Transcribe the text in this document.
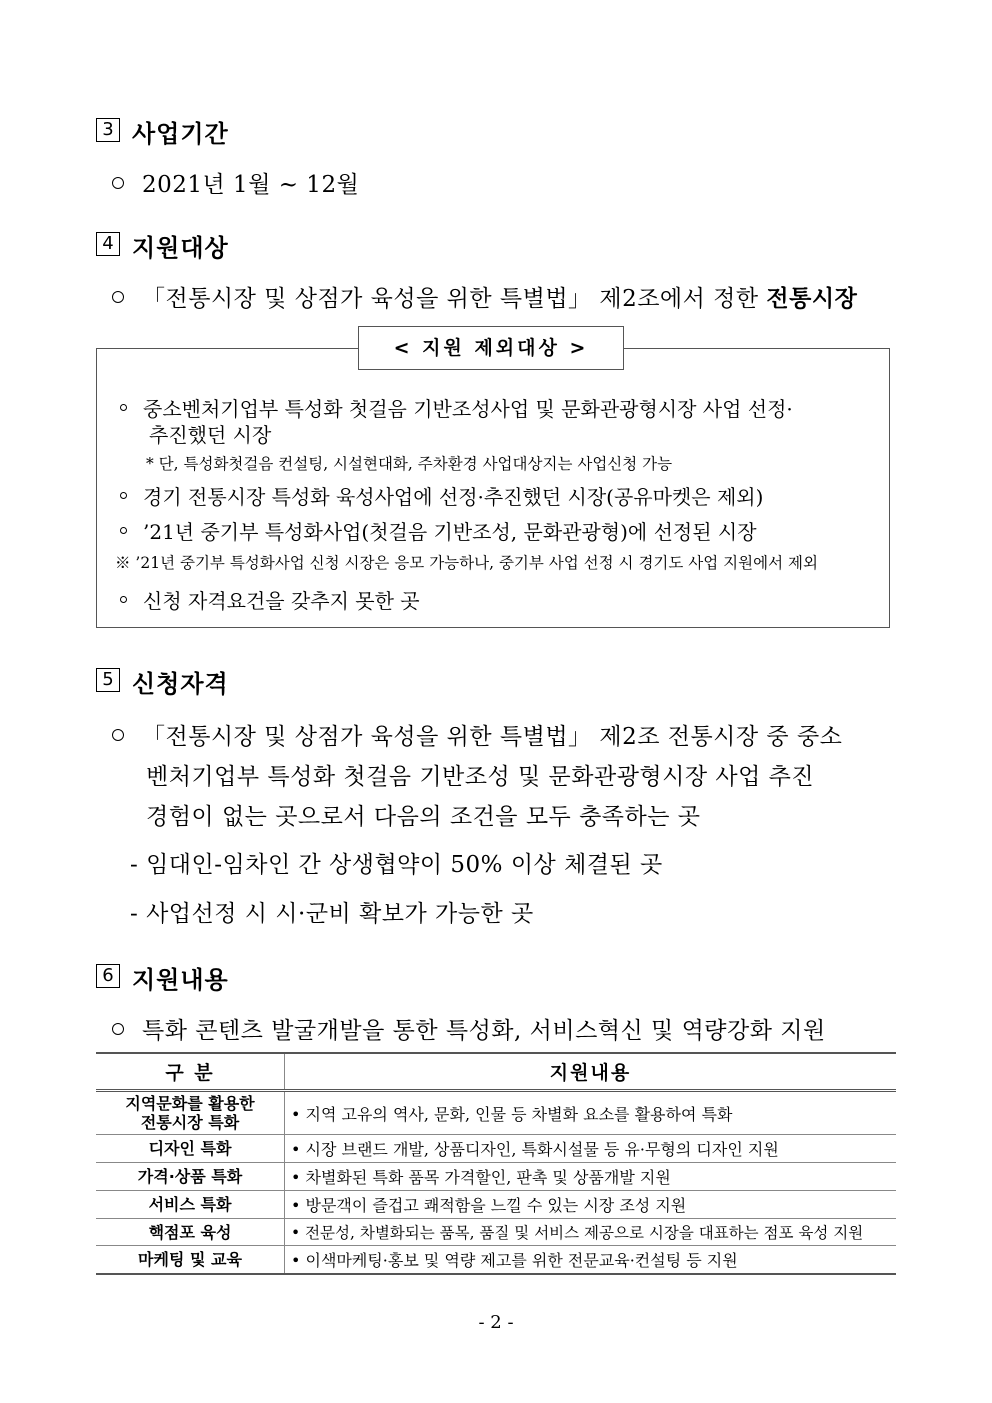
3 사업기간
2021년 1월 ~ 12월
4 지원대상
「전통시장 및 상점가 육성을 위한 특별법」 제2조에서 정한 전통시장
< 지원 제외대상 >
중소벤처기업부 특성화 첫걸음 기반조성사업 및 문화관광형시장 사업 선정·
추진했던 시장
* 단, 특성화첫걸음 컨설팅, 시설현대화, 주차환경 사업대상지는 사업신청 가능
경기 전통시장 특성화 육성사업에 선정·추진했던 시장(공유마켓은 제외)
’21년 중기부 특성화사업(첫걸음 기반조성, 문화관광형)에 선정된 시장
※ ’21년 중기부 특성화사업 신청 시장은 응모 가능하나, 중기부 사업 선정 시 경기도 사업 지원에서 제외
신청 자격요건을 갖추지 못한 곳
5 신청자격
「전통시장 및 상점가 육성을 위한 특별법」 제2조 전통시장 중 중소
벤처기업부 특성화 첫걸음 기반조성 및 문화관광형시장 사업 추진
경험이 없는 곳으로서 다음의 조건을 모두 충족하는 곳
- 임대인-임차인 간 상생협약이 50% 이상 체결된 곳
- 사업선정 시 시·군비 확보가 가능한 곳
6 지원내용
특화 콘텐츠 발굴개발을 통한 특성화, 서비스혁신 및 역량강화 지원
구 분	지원내용
지역문화를 활용한
전통시장 특화	• 지역 고유의 역사, 문화, 인물 등 차별화 요소를 활용하여 특화
디자인 특화	• 시장 브랜드 개발, 상품디자인, 특화시설물 등 유·무형의 디자인 지원
가격·상품 특화	• 차별화된 특화 품목 가격할인, 판촉 및 상품개발 지원
서비스 특화	• 방문객이 즐겁고 쾌적함을 느낄 수 있는 시장 조성 지원
핵점포 육성	• 전문성, 차별화되는 품목, 품질 및 서비스 제공으로 시장을 대표하는 점포 육성 지원
마케팅 및 교육	• 이색마케팅·홍보 및 역량 제고를 위한 전문교육·컨설팅 등 지원
- 2 -
